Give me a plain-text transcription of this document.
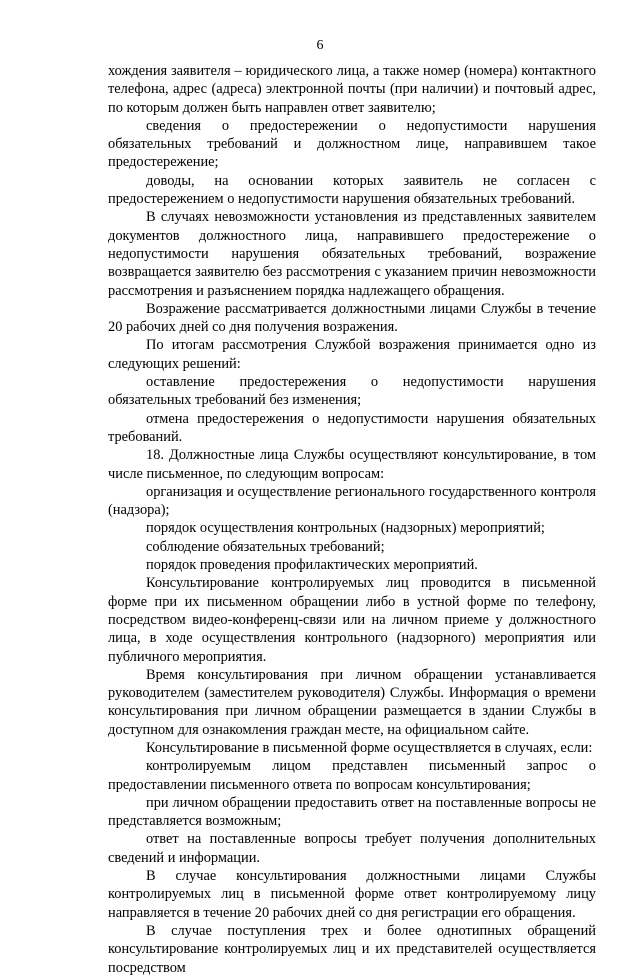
6

хождения заявителя – юридического лица, а также номер (номера) контактного телефона, адрес (адреса) электронной почты (при наличии) и почтовый адрес, по которым должен быть направлен ответ заявителю;

сведения о предостережении о недопустимости нарушения обязательных требований и должностном лице, направившем такое предостережение;

доводы, на основании которых заявитель не согласен с предостережением о недопустимости нарушения обязательных требований.

В случаях невозможности установления из представленных заявителем документов должностного лица, направившего предостережение о недопустимости нарушения обязательных требований, возражение возвращается заявителю без рассмотрения с указанием причин невозможности рассмотрения и разъяснением порядка надлежащего обращения.

Возражение рассматривается должностными лицами Службы в течение 20 рабочих дней со дня получения возражения.

По итогам рассмотрения Службой возражения принимается одно из следующих решений:

оставление предостережения о недопустимости нарушения обязательных требований без изменения;

отмена предостережения о недопустимости нарушения обязательных требований.

18. Должностные лица Службы осуществляют консультирование, в том числе письменное, по следующим вопросам:

организация и осуществление регионального государственного контроля (надзора);

порядок осуществления контрольных (надзорных) мероприятий;

соблюдение обязательных требований;

порядок проведения профилактических мероприятий.

Консультирование контролируемых лиц проводится в письменной форме при их письменном обращении либо в устной форме по телефону, посредством видео-конференц-связи или на личном приеме у должностного лица, в ходе осуществления контрольного (надзорного) мероприятия или публичного мероприятия.

Время консультирования при личном обращении устанавливается руководителем (заместителем руководителя) Службы. Информация о времени консультирования при личном обращении размещается в здании Службы в доступном для ознакомления граждан месте, на официальном сайте.

Консультирование в письменной форме осуществляется в случаях, если:

контролируемым лицом представлен письменный запрос о предоставлении письменного ответа по вопросам консультирования;

при личном обращении предоставить ответ на поставленные вопросы не представляется возможным;

ответ на поставленные вопросы требует получения дополнительных сведений и информации.

В случае консультирования должностными лицами Службы контролируемых лиц в письменной форме ответ контролируемому лицу направляется в течение 20 рабочих дней со дня регистрации его обращения.

В случае поступления трех и более однотипных обращений консультирование контролируемых лиц и их представителей осуществляется посредством
